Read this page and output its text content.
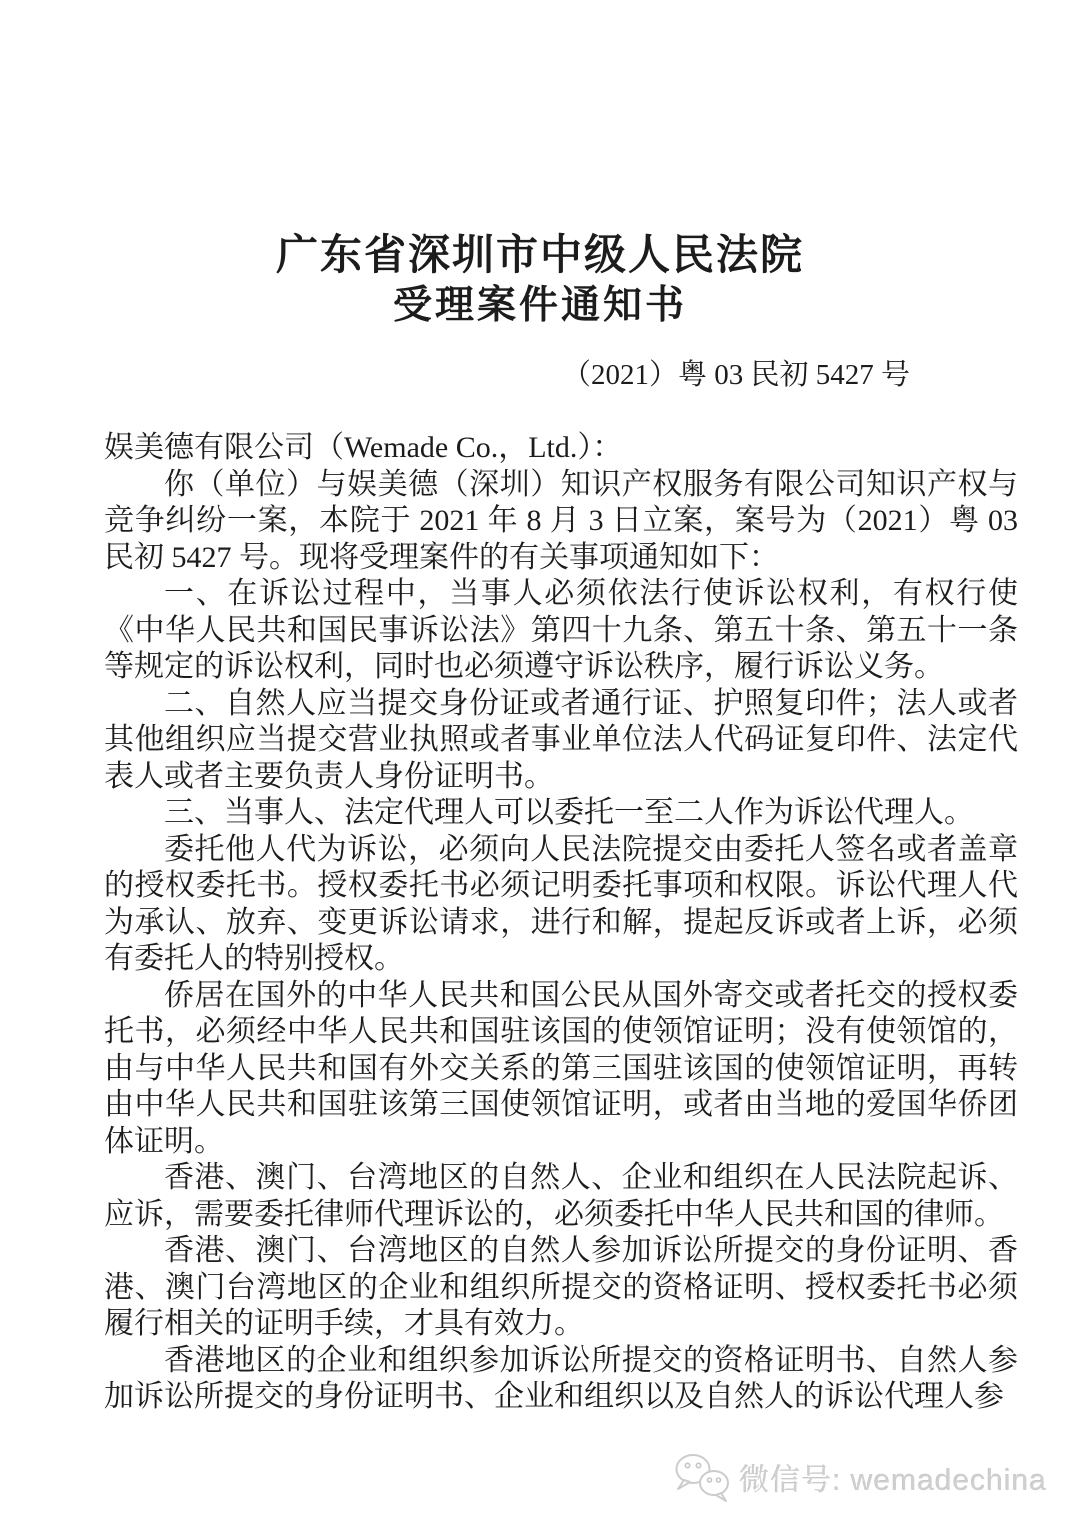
广东省深圳市中级人民法院
受理案件通知书
（2021）粤 03 民初 5427 号

娱美德有限公司（Wemade Co.，Ltd.）：

你（单位）与娱美德（深圳）知识产权服务有限公司知识产权与竞争纠纷一案，本院于 2021 年 8 月 3 日立案，案号为（2021）粤 03 民初 5427 号。现将受理案件的有关事项通知如下：

一、在诉讼过程中，当事人必须依法行使诉讼权利，有权行使《中华人民共和国民事诉讼法》第四十九条、第五十条、第五十一条等规定的诉讼权利，同时也必须遵守诉讼秩序，履行诉讼义务。

二、自然人应当提交身份证或者通行证、护照复印件；法人或者其他组织应当提交营业执照或者事业单位法人代码证复印件、法定代表人或者主要负责人身份证明书。

三、当事人、法定代理人可以委托一至二人作为诉讼代理人。

委托他人代为诉讼，必须向人民法院提交由委托人签名或者盖章的授权委托书。授权委托书必须记明委托事项和权限。诉讼代理人代为承认、放弃、变更诉讼请求，进行和解，提起反诉或者上诉，必须有委托人的特别授权。

侨居在国外的中华人民共和国公民从国外寄交或者托交的授权委托书，必须经中华人民共和国驻该国的使领馆证明；没有使领馆的，由与中华人民共和国有外交关系的第三国驻该国的使领馆证明，再转由中华人民共和国驻该第三国使领馆证明，或者由当地的爱国华侨团体证明。

香港、澳门、台湾地区的自然人、企业和组织在人民法院起诉、应诉，需要委托律师代理诉讼的，必须委托中华人民共和国的律师。

香港、澳门、台湾地区的自然人参加诉讼所提交的身份证明、香港、澳门台湾地区的企业和组织所提交的资格证明、授权委托书必须履行相关的证明手续，才具有效力。

香港地区的企业和组织参加诉讼所提交的资格证明书、自然人参加诉讼所提交的身份证明书、企业和组织以及自然人的诉讼代理人参

微信号: wemadechina
